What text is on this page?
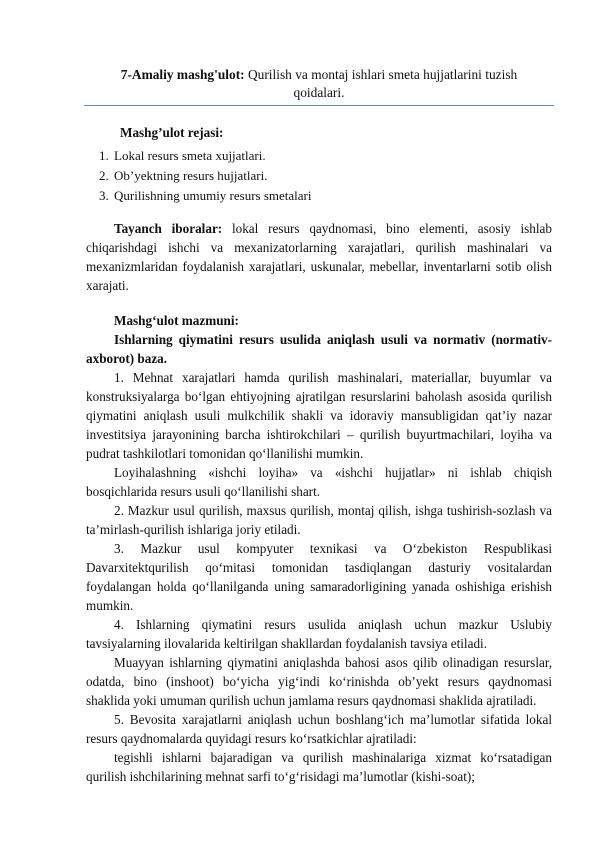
7-Amaliy mashg'ulot: Qurilish va montaj ishlari smeta hujjatlarini tuzish qoidalari.
Mashg’ulot rejasi:
1. Lokal resurs smeta xujjatlari.
2. Ob’yektning resurs hujjatlari.
3. Qurilishning umumiy resurs smetalari

Tayanch iboralar: lokal resurs qaydnomasi, bino elementi, asosiy ishlab chiqarishdagi ishchi va mexanizatorlarning xarajatlari, qurilish mashinalari va mexanizmlaridan foydalanish xarajatlari, uskunalar, mebellar, inventarlarni sotib olish xarajati.

Mashg‘ulot mazmuni:

Ishlarning qiymatini resurs usulida aniqlash usuli va normativ (normativ-axborot) baza.

1. Mehnat xarajatlari hamda qurilish mashinalari, materiallar, buyumlar va konstruksiyalarga bo‘lgan ehtiyojning ajratilgan resurslarini baholash asosida qurilish qiymatini aniqlash usuli mulkchilik shakli va idoraviy mansubligidan qat’iy nazar investitsiya jarayonining barcha ishtirokchilari – qurilish buyurtmachilari, loyiha va pudrat tashkilotlari tomonidan qo‘llanilishi mumkin.

Loyihalashning «ishchi loyiha» va «ishchi hujjatlar» ni ishlab chiqish bosqichlarida resurs usuli qo‘llanilishi shart.

2. Mazkur usul qurilish, maxsus qurilish, montaj qilish, ishga tushirish-sozlash va ta’mirlash-qurilish ishlariga joriy etiladi.

3. Mazkur usul kompyuter texnikasi va O‘zbekiston Respublikasi Davarxitektqurilish qo‘mitasi tomonidan tasdiqlangan dasturiy vositalardan foydalangan holda qo‘llanilganda uning samaradorligining yanada oshishiga erishish mumkin.

4. Ishlarning qiymatini resurs usulida aniqlash uchun mazkur Uslubiy tavsiyalarning ilovalarida keltirilgan shakllardan foydalanish tavsiya etiladi.

Muayyan ishlarning qiymatini aniqlashda bahosi asos qilib olinadigan resurslar, odatda, bino (inshoot) bo‘yicha yig‘indi ko‘rinishda ob’yekt resurs qaydnomasi shaklida yoki umuman qurilish uchun jamlama resurs qaydnomasi shaklida ajratiladi.

5. Bevosita xarajatlarni aniqlash uchun boshlang‘ich ma’lumotlar sifatida lokal resurs qaydnomalarda quyidagi resurs ko‘rsatkichlar ajratiladi:

tegishli ishlarni bajaradigan va qurilish mashinalariga xizmat ko‘rsatadigan qurilish ishchilarining mehnat sarfi to‘g‘risidagi ma’lumotlar (kishi-soat);
